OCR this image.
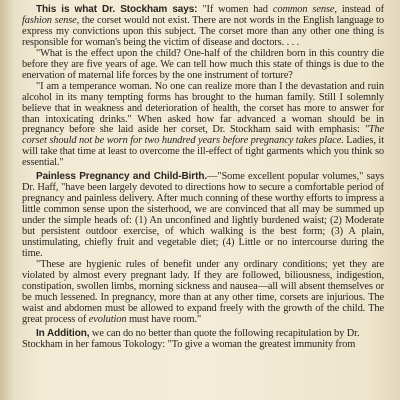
This is what Dr. Stockham says: "If women had common sense, instead of fashion sense, the corset would not exist. There are not words in the English language to express my convictions upon this subject. The corset more than any other one thing is responsible for woman's being the victim of disease and doctors. . . .

"What is the effect upon the child? One-half of the children born in this country die before they are five years of age. We can tell how much this state of things is due to the enervation of maternal life forces by the one instrument of torture?

"I am a temperance woman. No one can realize more than I the devastation and ruin alcohol in its many tempting forms has brought to the human family. Still I solemnly believe that in weakness and deterioration of health, the corset has more to answer for than intoxicating drinks." When asked how far advanced a woman should be in pregnancy before she laid aside her corset, Dr. Stockham said with emphasis: "The corset should not be worn for two hundred years before pregnancy takes place. Ladies, it will take that time at least to overcome the ill-effect of tight garments which you think so essential."

Painless Pregnancy and Child-Birth.—"Some excellent popular volumes," says Dr. Haff, "have been largely devoted to directions how to secure a comfortable period of pregnancy and painless delivery. After much conning of these worthy efforts to impress a little common sense upon the sisterhood, we are convinced that all may be summed up under the simple heads of: (1) An unconfined and lightly burdened waist; (2) Moderate but persistent outdoor exercise, of which walking is the best form; (3) A plain, unstimulating, chiefly fruit and vegetable diet; (4) Little or no intercourse during the time.

"These are hygienic rules of benefit under any ordinary conditions; yet they are violated by almost every pregnant lady. If they are followed, biliousness, indigestion, constipation, swollen limbs, morning sickness and nausea—all will absent themselves or be much lessened. In pregnancy, more than at any other time, corsets are injurious. The waist and abdomen must be allowed to expand freely with the growth of the child. The great process of evolution must have room."

In Addition, we can do no better than quote the following recapitulation by Dr. Stockham in her famous Tokology: "To give a woman the greatest immunity from
